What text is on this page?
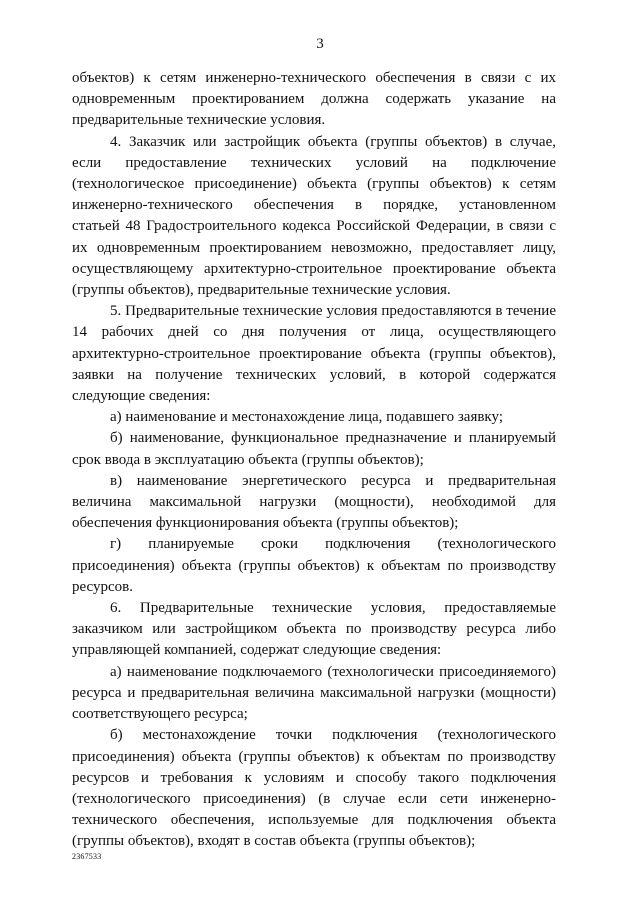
3
объектов) к сетям инженерно-технического обеспечения в связи с их
одновременным проектированием должна содержать указание на
предварительные технические условия.
4. Заказчик или застройщик объекта (группы объектов) в случае,
если предоставление технических условий на подключение
(технологическое присоединение) объекта (группы объектов) к сетям
инженерно-технического обеспечения в порядке, установленном
статьей 48 Градостроительного кодекса Российской Федерации, в связи с
их одновременным проектированием невозможно, предоставляет лицу,
осуществляющему архитектурно-строительное проектирование объекта
(группы объектов), предварительные технические условия.
5. Предварительные технические условия предоставляются в течение
14 рабочих дней со дня получения от лица, осуществляющего
архитектурно-строительное проектирование объекта (группы объектов),
заявки на получение технических условий, в которой содержатся
следующие сведения:
а) наименование и местонахождение лица, подавшего заявку;
б) наименование, функциональное предназначение и планируемый
срок ввода в эксплуатацию объекта (группы объектов);
в) наименование энергетического ресурса и предварительная
величина максимальной нагрузки (мощности), необходимой для
обеспечения функционирования объекта (группы объектов);
г) планируемые сроки подключения (технологического
присоединения) объекта (группы объектов) к объектам по производству
ресурсов.
6. Предварительные технические условия, предоставляемые
заказчиком или застройщиком объекта по производству ресурса либо
управляющей компанией, содержат следующие сведения:
а) наименование подключаемого (технологически присоединяемого)
ресурса и предварительная величина максимальной нагрузки (мощности)
соответствующего ресурса;
б) местонахождение точки подключения (технологического
присоединения) объекта (группы объектов) к объектам по производству
ресурсов и требования к условиям и способу такого подключения
(технологического присоединения) (в случае если сети инженерно-
технического обеспечения, используемые для подключения объекта
(группы объектов), входят в состав объекта (группы объектов);
2367533
